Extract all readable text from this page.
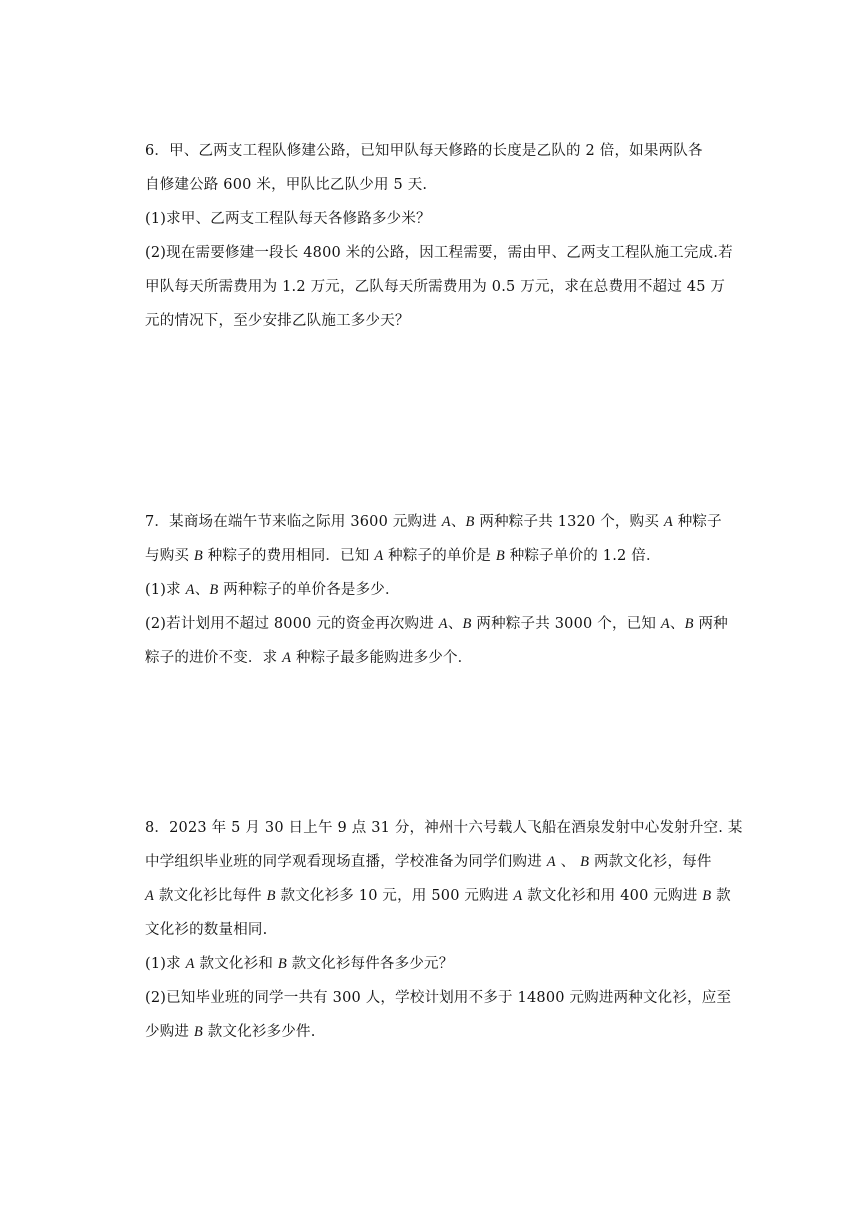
6．甲、乙两支工程队修建公路，已知甲队每天修路的长度是乙队的 2 倍，如果两队各
自修建公路 600 米，甲队比乙队少用 5 天.
(1)求甲、乙两支工程队每天各修路多少米？
(2)现在需要修建一段长 4800 米的公路，因工程需要，需由甲、乙两支工程队施工完成.若
甲队每天所需费用为 1.2 万元，乙队每天所需费用为 0.5 万元，求在总费用不超过 45 万
元的情况下，至少安排乙队施工多少天？
7．某商场在端午节来临之际用 3600 元购进 A、B 两种粽子共 1320 个，购买 A 种粽子
与购买 B 种粽子的费用相同．已知 A 种粽子的单价是 B 种粽子单价的 1.2 倍．
(1)求 A、B 两种粽子的单价各是多少．
(2)若计划用不超过 8000 元的资金再次购进 A、B 两种粽子共 3000 个，已知 A、B 两种
粽子的进价不变．求 A 种粽子最多能购进多少个．
8．2023 年 5 月 30 日上午 9 点 31 分，神州十六号载人飞船在酒泉发射中心发射升空. 某
中学组织毕业班的同学观看现场直播，学校准备为同学们购进 A 、 B 两款文化衫，每件
A 款文化衫比每件 B 款文化衫多 10 元，用 500 元购进 A 款文化衫和用 400 元购进 B 款
文化衫的数量相同.
(1)求 A 款文化衫和 B 款文化衫每件各多少元？
(2)已知毕业班的同学一共有 300 人，学校计划用不多于 14800 元购进两种文化衫，应至
少购进 B 款文化衫多少件.
